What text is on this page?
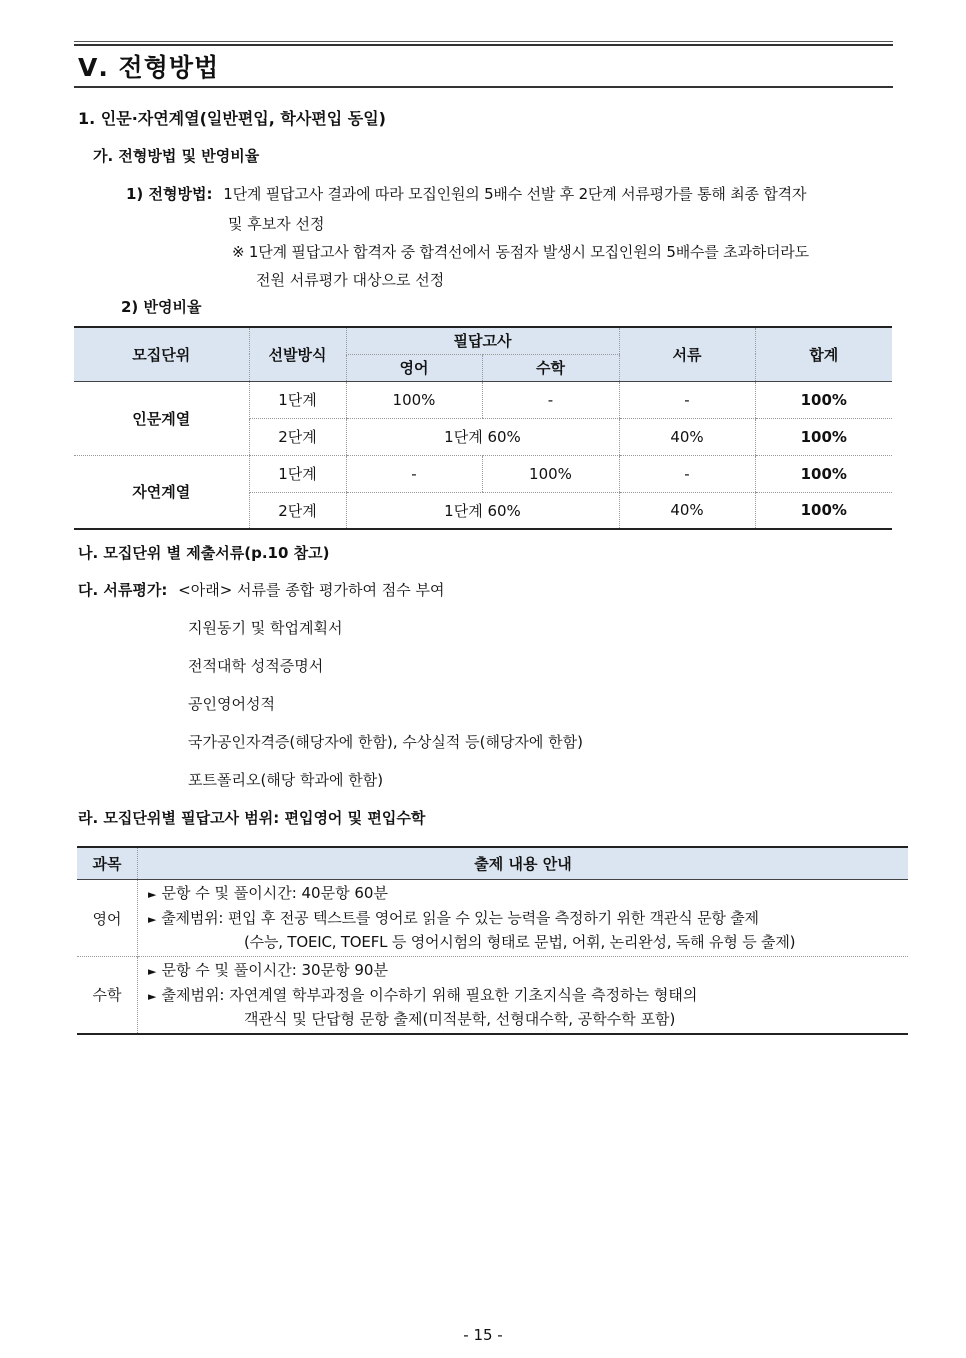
Ⅴ. 전형방법
1. 인문·자연계열(일반편입, 학사편입 동일)
가. 전형방법 및 반영비율
1) 전형방법: 1단계 필답고사 결과에 따라 모집인원의 5배수 선발 후 2단계 서류평가를 통해 최종 합격자
및 후보자 선정
※ 1단계 필답고사 합격자 중 합격선에서 동점자 발생시 모집인원의 5배수를 초과하더라도
전원 서류평가 대상으로 선정
2) 반영비율
모집단위	선발방식	필답고사		서류	합계
		영어	수학		
인문계열	1단계	100%	-	-	100%
	2단계	1단계 60%		40%	100%
자연계열	1단계	-	100%	-	100%
	2단계	1단계 60%		40%	100%
나. 모집단위 별 제출서류(p.10 참고)
다. 서류평가: <아래> 서류를 종합 평가하여 점수 부여
지원동기 및 학업계획서
전적대학 성적증명서
공인영어성적
국가공인자격증(해당자에 한함), 수상실적 등(해당자에 한함)
포트폴리오(해당 학과에 한함)
라. 모집단위별 필답고사 범위: 편입영어 및 편입수학
과목	출제 내용 안내
영어	► 문항 수 및 풀이시간: 40문항 60분
► 출제범위: 편입 후 전공 텍스트를 영어로 읽을 수 있는 능력을 측정하기 위한 객관식 문항 출제
(수능, TOEIC, TOEFL 등 영어시험의 형태로 문법, 어휘, 논리완성, 독해 유형 등 출제)

수학	► 문항 수 및 풀이시간: 30문항 90분
► 출제범위: 자연계열 학부과정을 이수하기 위해 필요한 기초지식을 측정하는 형태의
객관식 및 단답형 문항 출제(미적분학, 선형대수학, 공학수학 포함)
- 15 -
